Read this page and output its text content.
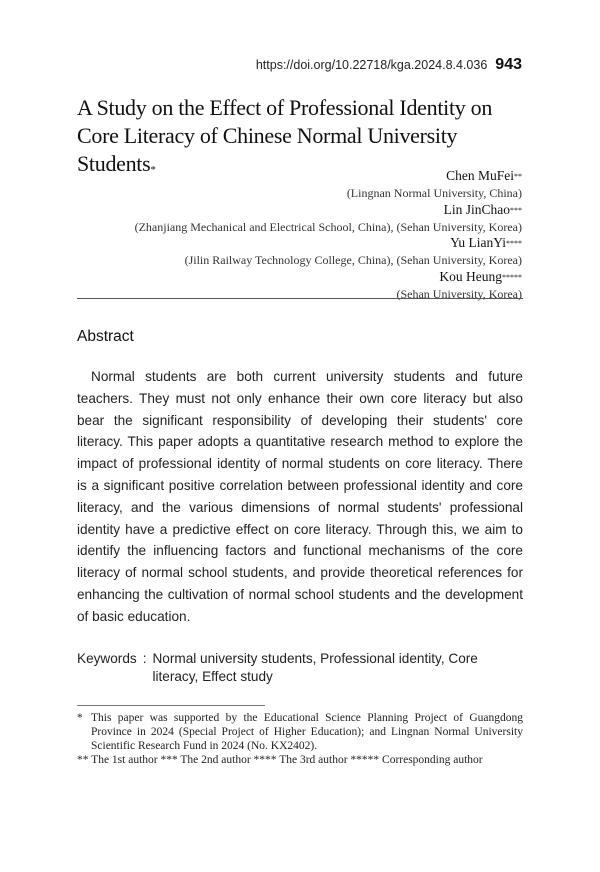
https://doi.org/10.22718/kga.2024.8.4.036 943
A Study on the Effect of Professional Identity on Core Literacy of Chinese Normal University Students*	Chen MuFei**
(Lingnan Normal University, China)
Lin JinChao***
(Zhanjiang Mechanical and Electrical School, China), (Sehan University, Korea)
Yu LianYi****
(Jilin Railway Technology College, China), (Sehan University, Korea)
Kou Heung*****
(Sehan University, Korea)
Abstract

Normal students are both current university students and future teachers. They must not only enhance their own core literacy but also bear the significant responsibility of developing their students' core literacy. This paper adopts a quantitative research method to explore the impact of professional identity of normal students on core literacy. There is a significant positive correlation between professional identity and core literacy, and the various dimensions of normal students' professional identity have a predictive effect on core literacy. Through this, we aim to identify the influencing factors and functional mechanisms of the core literacy of normal school students, and provide theoretical references for enhancing the cultivation of normal school students and the development of basic education.

Keywords : Normal university students, Professional identity, Core literacy, Effect study
* This paper was supported by the Educational Science Planning Project of Guangdong Province in 2024 (Special Project of Higher Education); and Lingnan Normal University Scientific Research Fund in 2024 (No. KX2402).
** The 1st author *** The 2nd author **** The 3rd author ***** Corresponding author
